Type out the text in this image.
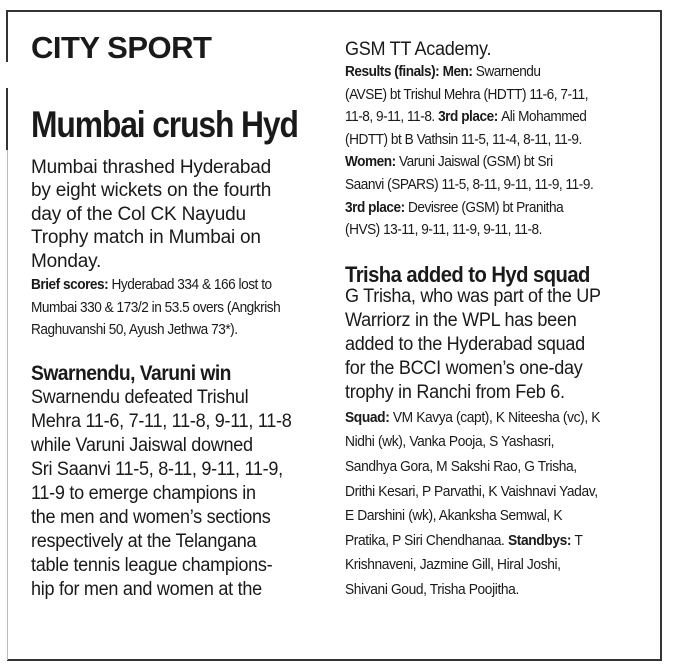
CITY SPORT
Mumbai crush Hyd
Mumbai thrashed Hyderabad
by eight wickets on the fourth
day of the Col CK Nayudu
Trophy match in Mumbai on
Monday.
Brief scores: Hyderabad 334 & 166 lost to
Mumbai 330 & 173/2 in 53.5 overs (Angkrish
Raghuvanshi 50, Ayush Jethwa 73*).
Swarnendu, Varuni win
Swarnendu defeated Trishul
Mehra 11-6, 7-11, 11-8, 9-11, 11-8
while Varuni Jaiswal downed
Sri Saanvi 11-5, 8-11, 9-11, 11-9,
11-9 to emerge champions in
the men and women’s sections
respectively at the Telangana
table tennis league champions-
hip for men and women at the
GSM TT Academy.
Results (finals): Men: Swarnendu
(AVSE) bt Trishul Mehra (HDTT) 11-6, 7-11,
11-8, 9-11, 11-8. 3rd place: Ali Mohammed
(HDTT) bt B Vathsin 11-5, 11-4, 8-11, 11-9.
Women: Varuni Jaiswal (GSM) bt Sri
Saanvi (SPARS) 11-5, 8-11, 9-11, 11-9, 11-9.
3rd place: Devisree (GSM) bt Pranitha
(HVS) 13-11, 9-11, 11-9, 9-11, 11-8.
Trisha added to Hyd squad
G Trisha, who was part of the UP
Warriorz in the WPL has been
added to the Hyderabad squad
for the BCCI women’s one-day
trophy in Ranchi from Feb 6.
Squad: VM Kavya (capt), K Niteesha (vc), K
Nidhi (wk), Vanka Pooja, S Yashasri,
Sandhya Gora, M Sakshi Rao, G Trisha,
Drithi Kesari, P Parvathi, K Vaishnavi Yadav,
E Darshini (wk), Akanksha Semwal, K
Pratika, P Siri Chendhanaa. Standbys: T
Krishnaveni, Jazmine Gill, Hiral Joshi,
Shivani Goud, Trisha Poojitha.
